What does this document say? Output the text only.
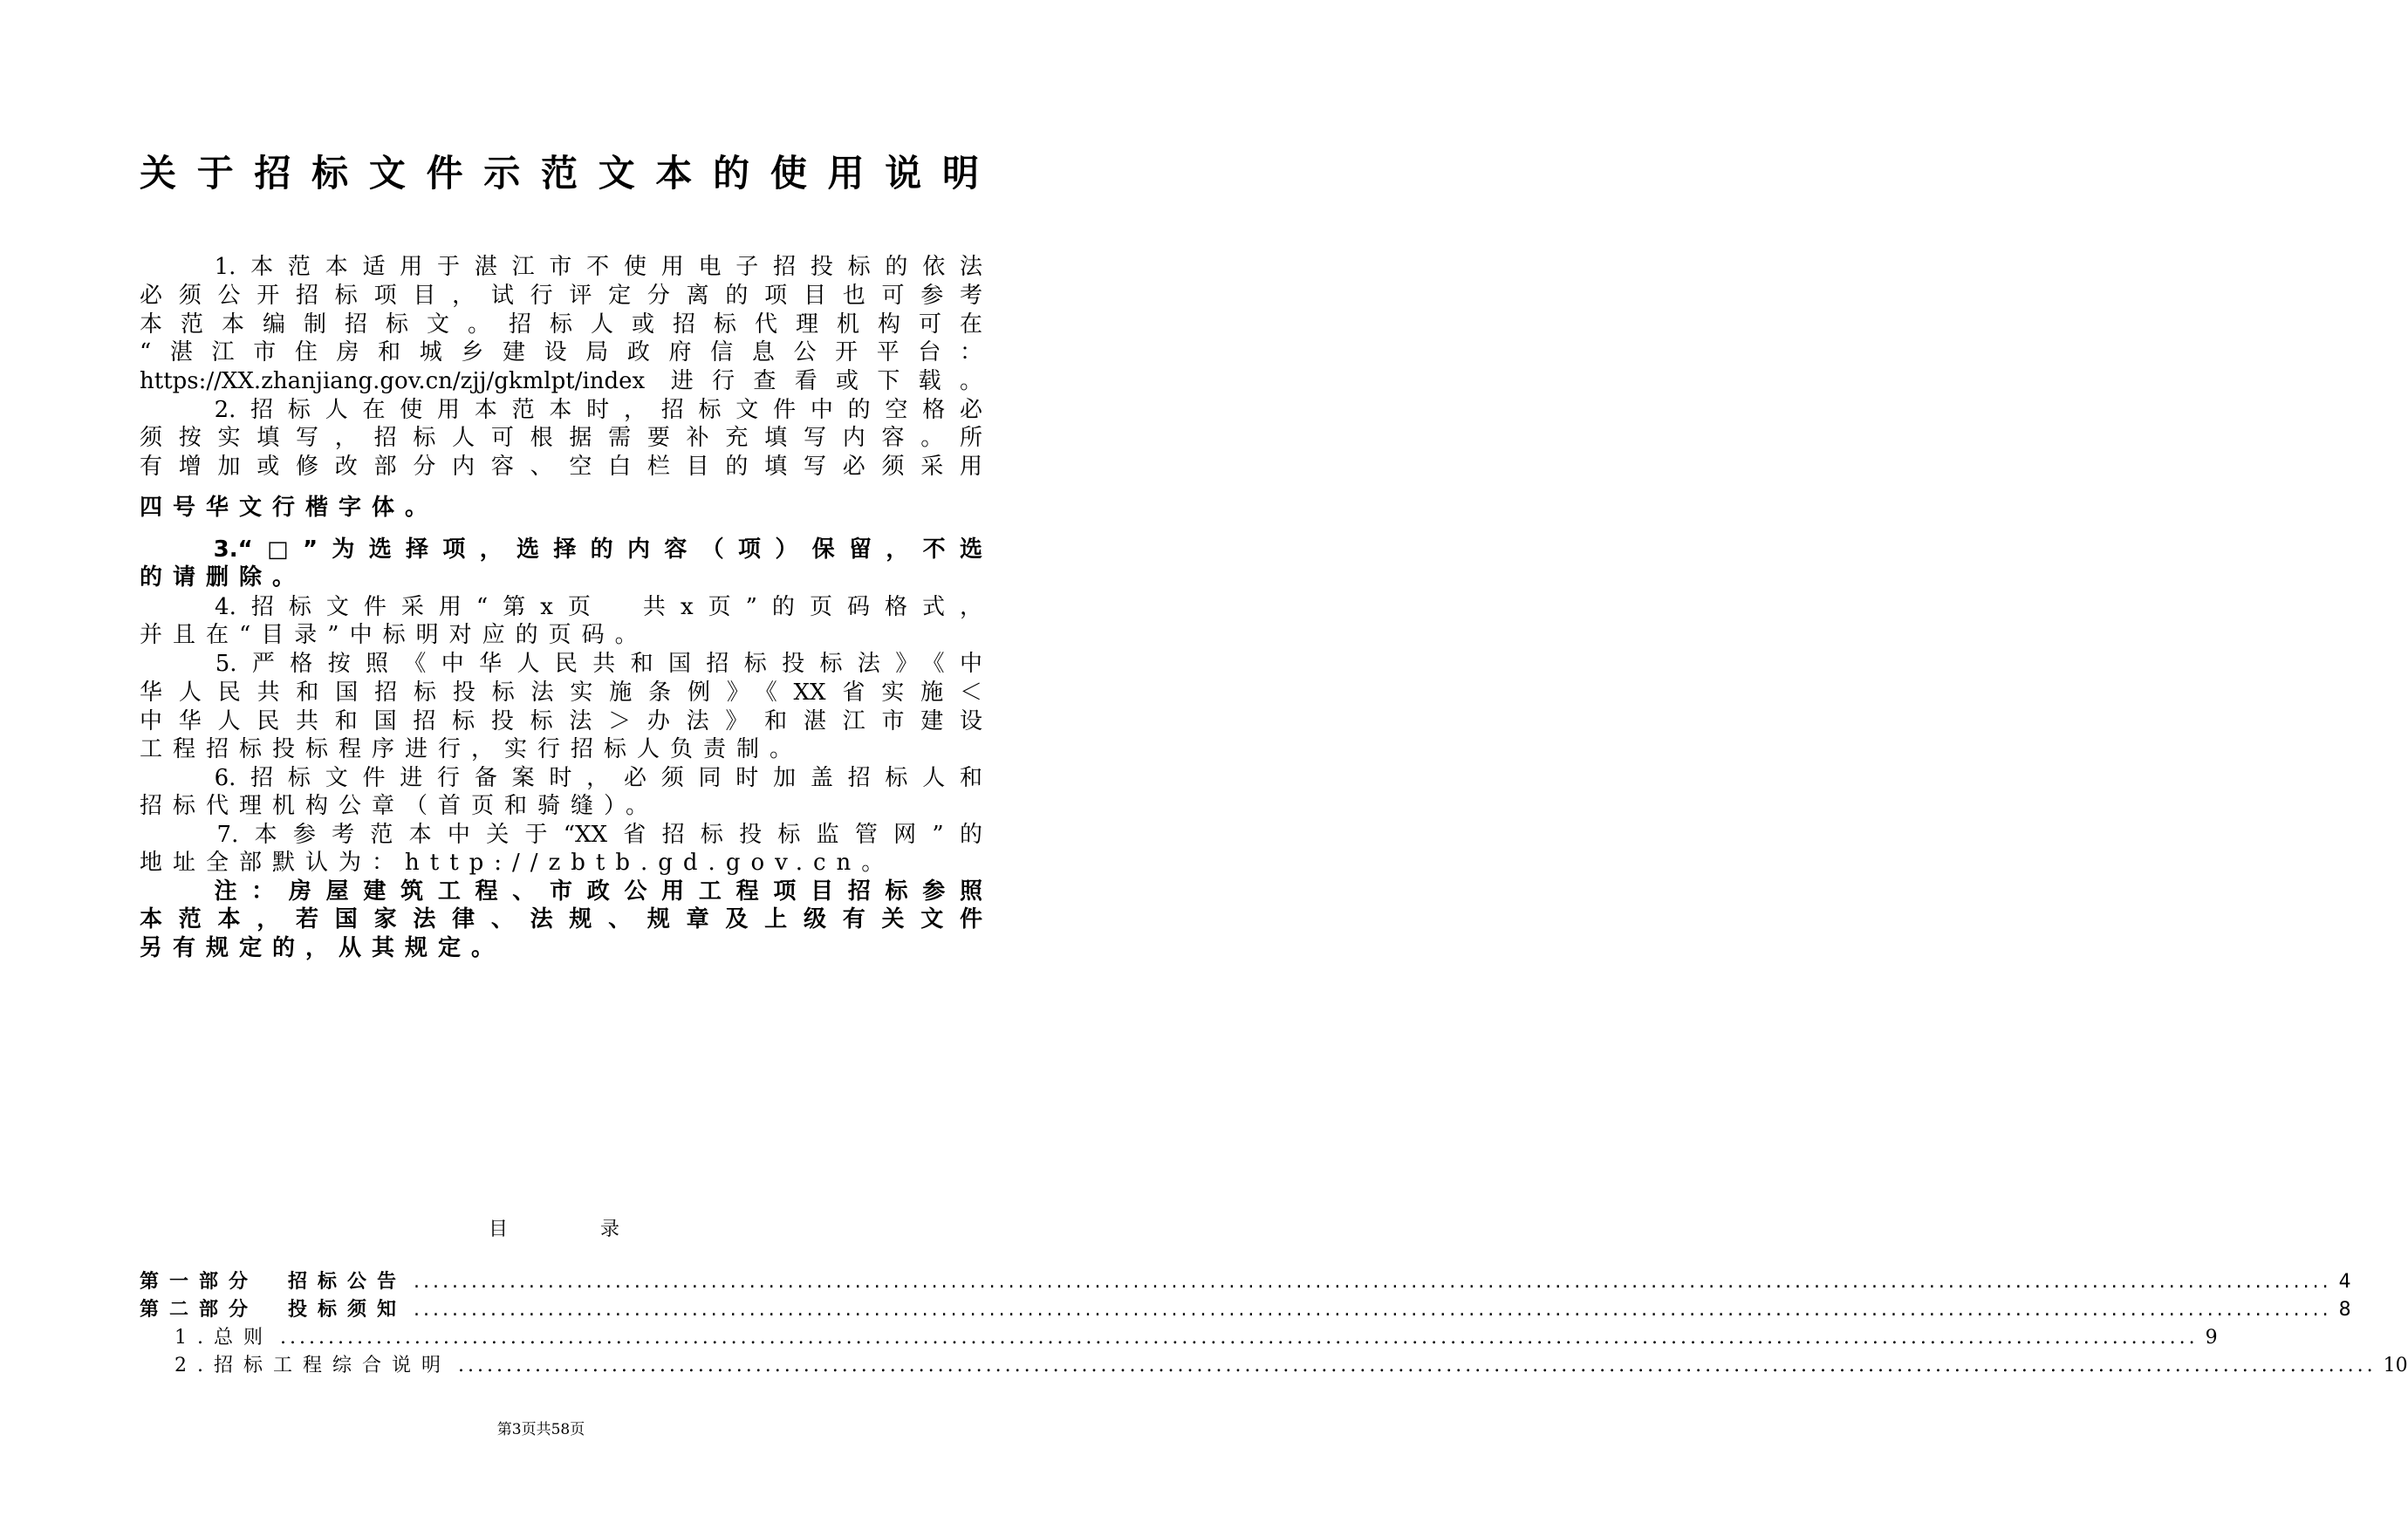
关于招标文件示范文本的使用说明
　　1.本范本适用于湛江市不使用电子招投标的依法
必须公开招标项目，试行评定分离的项目也可参考
本范本编制招标文。招标人或招标代理机构可在
“湛江市住房和城乡建设局政府信息公开平台：
https://XX.zhanjiang.gov.cn/zjj/gkmlpt/index 进行查看或下载。
　　2.招标人在使用本范本时，招标文件中的空格必
须按实填写，招标人可根据需要补充填写内容。所
有增加或修改部分内容、空白栏目的填写必须采用
四号华文行楷字体。
　　3.“□”为选择项，选择的内容（项）保留，不选
的请删除。
　　4.招标文件采用“第x页　共x页”的页码格式，
并且在“目录”中标明对应的页码。
　　5.严格按照《中华人民共和国招标投标法》《中
华人民共和国招标投标法实施条例》《XX省实施＜
中华人民共和国招标投标法＞办法》和湛江市建设
工程招标投标程序进行，实行招标人负责制。
　　6.招标文件进行备案时，必须同时加盖招标人和
招标代理机构公章（首页和骑缝）。
　　7.本参考范本中关于“XX省招标投标监管网”的
地址全部默认为：http://zbtb.gd.gov.cn。
　　注：房屋建筑工程、市政公用工程项目招标参照
本范本，若国家法律、法规、规章及上级有关文件
另有规定的，从其规定。
目录
第一部分　招标公告 ........................................................................................................................................................................................................ 4
第二部分　投标须知 ........................................................................................................................................................................................................ 8
1.总则 ........................................................................................................................................................................................................ 9
2.招标工程综合说明 ........................................................................................................................................................................................................ 10
第3页共58页
